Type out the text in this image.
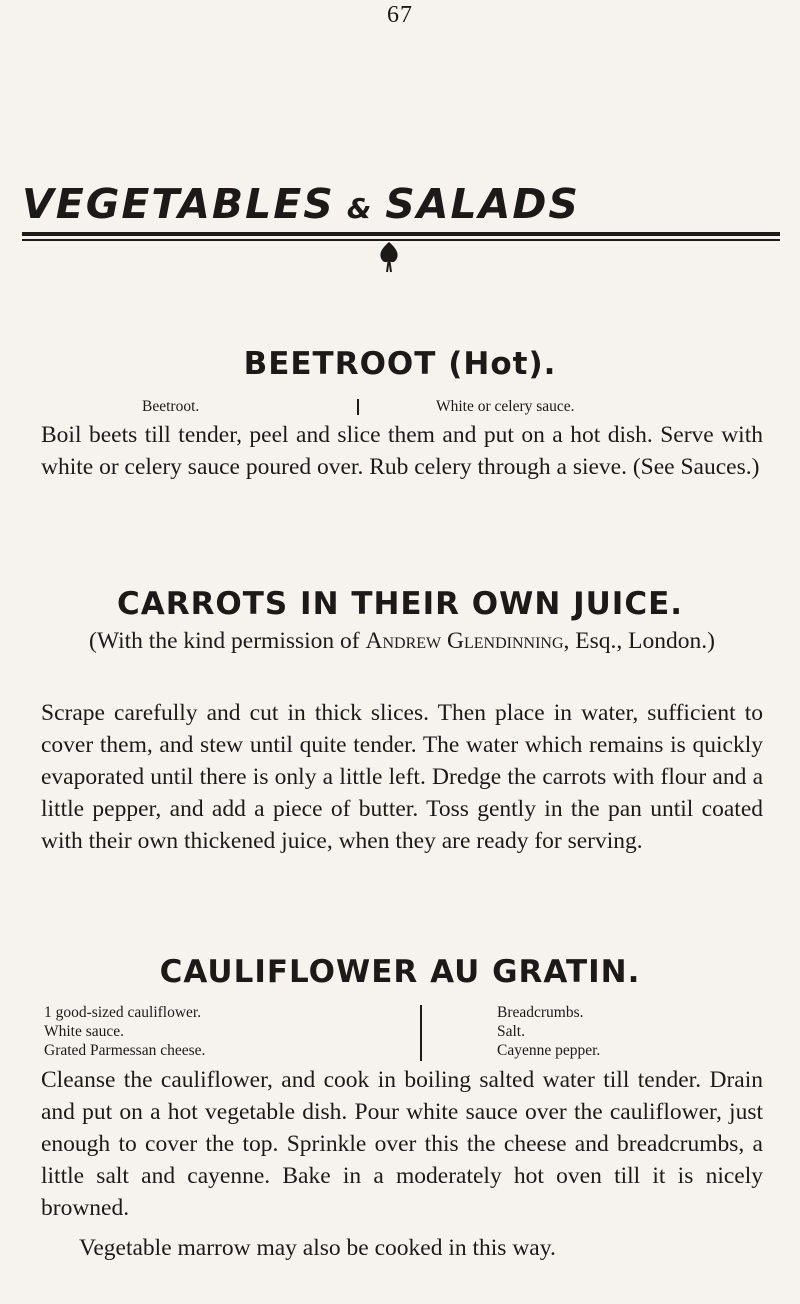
67
VEGETABLES & SALADS
BEETROOT (Hot).
Beetroot.	White or celery sauce.
Boil beets till tender, peel and slice them and put on a hot dish. Serve with white or celery sauce poured over. Rub celery through a sieve. (See Sauces.)
CARROTS IN THEIR OWN JUICE.
(With the kind permission of Andrew Glendinning, Esq., London.)
Scrape carefully and cut in thick slices. Then place in water, sufficient to cover them, and stew until quite tender. The water which remains is quickly evaporated until there is only a little left. Dredge the carrots with flour and a little pepper, and add a piece of butter. Toss gently in the pan until coated with their own thickened juice, when they are ready for serving.
CAULIFLOWER AU GRATIN.
1 good-sized cauliflower.
White sauce.
Grated Parmessan cheese.
Breadcrumbs.
Salt.
Cayenne pepper.
Cleanse the cauliflower, and cook in boiling salted water till tender. Drain and put on a hot vegetable dish. Pour white sauce over the cauliflower, just enough to cover the top. Sprinkle over this the cheese and breadcrumbs, a little salt and cayenne. Bake in a moderately hot oven till it is nicely browned.
Vegetable marrow may also be cooked in this way.
